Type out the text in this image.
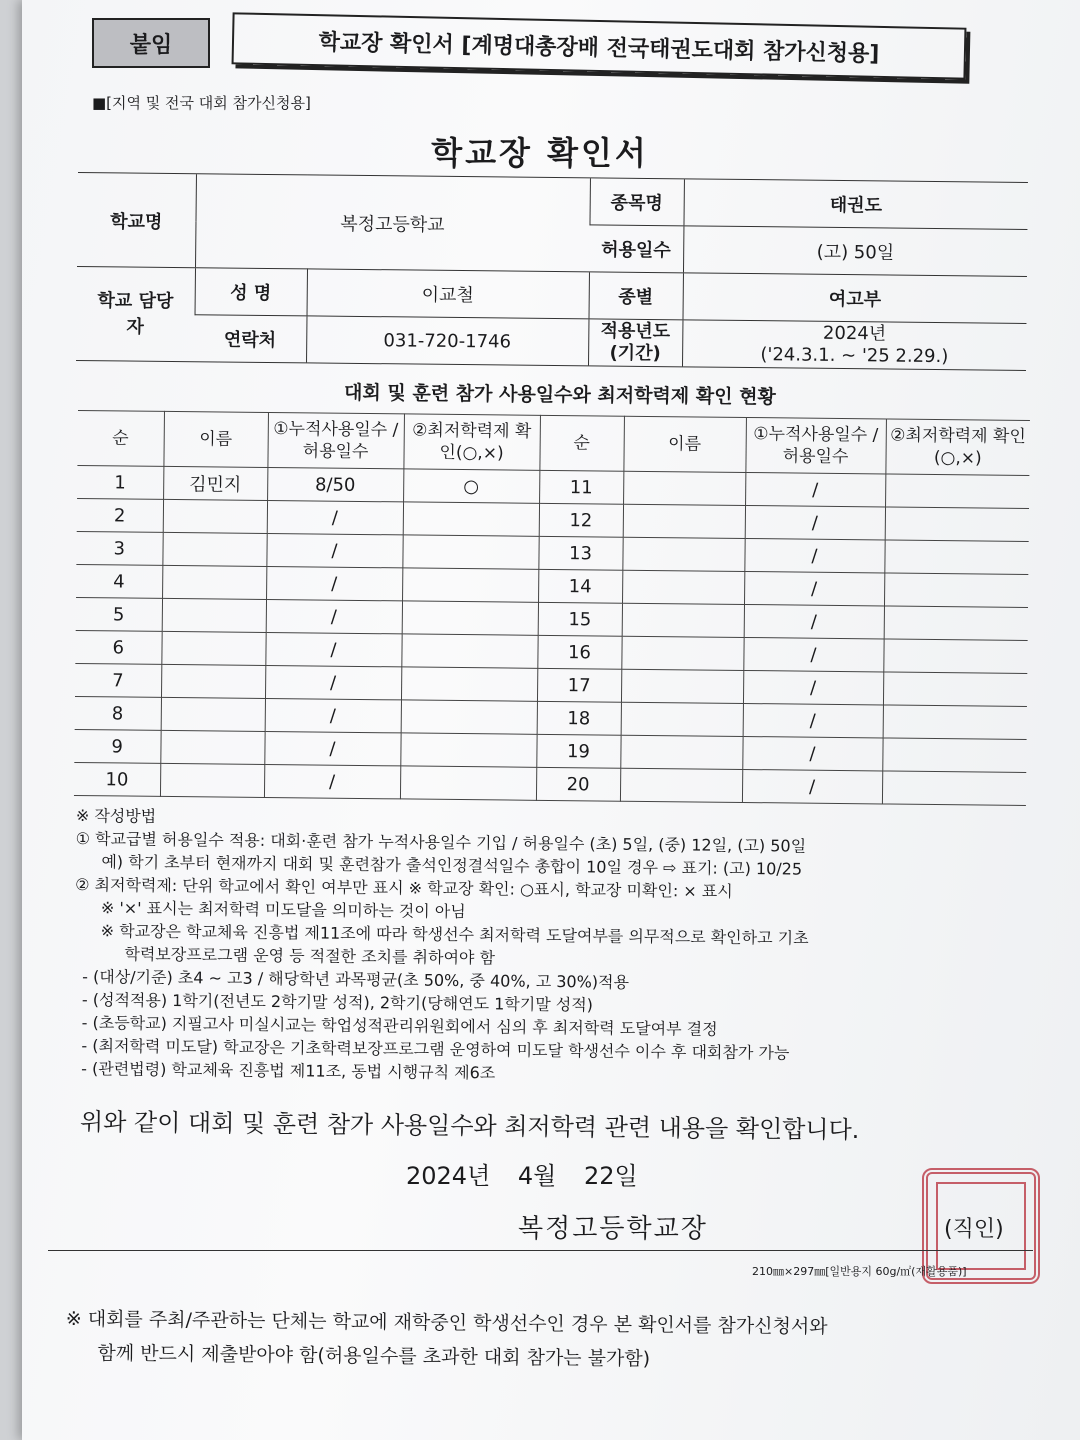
붙임	학교장 확인서 [계명대총장배 전국태권도대회 참가신청용]
■[지역 및 전국 대회 참가신청용]
학교장 확인서
학교명	복정고등학교		종목명	태권도
			허용일수	(고) 50일
학교 담당자	성 명	이교철	종별	여고부
	연락처	031-720-1746	적용년도 (기간)	2024년
('24.3.1. ~ '25 2.29.)
대회 및 훈련 참가 사용일수와 최저학력제 확인 현황
순	이름	①누적사용일수 /허용일수	②최저학력제 확인(○,×)	순	이름	①누적사용일수 /허용일수	②최저학력제 확인(○,×)
1	김민지	8/50	○	11		/	
2		/		12		/	
3		/		13		/	
4		/		14		/	
5		/		15		/	
6		/		16		/	
7		/		17		/	
8		/		18		/	
9		/		19		/	
10		/		20		/	

※ 작성방법

① 학교급별 허용일수 적용: 대회·훈련 참가 누적사용일수 기입 / 허용일수 (초) 5일, (중) 12일, (고) 50일

예) 학기 초부터 현재까지 대회 및 훈련참가 출석인정결석일수 총합이 10일 경우 ⇨ 표기: (고) 10/25

② 최저학력제: 단위 학교에서 확인 여부만 표시 ※ 학교장 확인: ○표시, 학교장 미확인: × 표시

※ '×' 표시는 최저학력 미도달을 의미하는 것이 아님

※ 학교장은 학교체육 진흥법 제11조에 따라 학생선수 최저학력 도달여부를 의무적으로 확인하고 기초

학력보장프로그램 운영 등 적절한 조치를 취하여야 함

- (대상/기준) 초4 ~ 고3 / 해당학년 과목평균(초 50%, 중 40%, 고 30%)적용

- (성적적용) 1학기(전년도 2학기말 성적), 2학기(당해연도 1학기말 성적)

- (초등학교) 지필고사 미실시교는 학업성적관리위원회에서 심의 후 최저학력 도달여부 결정

- (최저학력 미도달) 학교장은 기초학력보장프로그램 운영하여 미도달 학생선수 이수 후 대회참가 가능

- (관련법령) 학교체육 진흥법 제11조, 동법 시행규칙 제6조

위와 같이 대회 및 훈련 참가 사용일수와 최저학력 관련 내용을 확인합니다.
2024년 4월 22일
복정고등학교장	(직인)
210㎜×297㎜[일반용지 60g/㎡(재활용품)]

※ 대회를 주최/주관하는 단체는 학교에 재학중인 학생선수인 경우 본 확인서를 참가신청서와

함께 반드시 제출받아야 함(허용일수를 초과한 대회 참가는 불가함)
